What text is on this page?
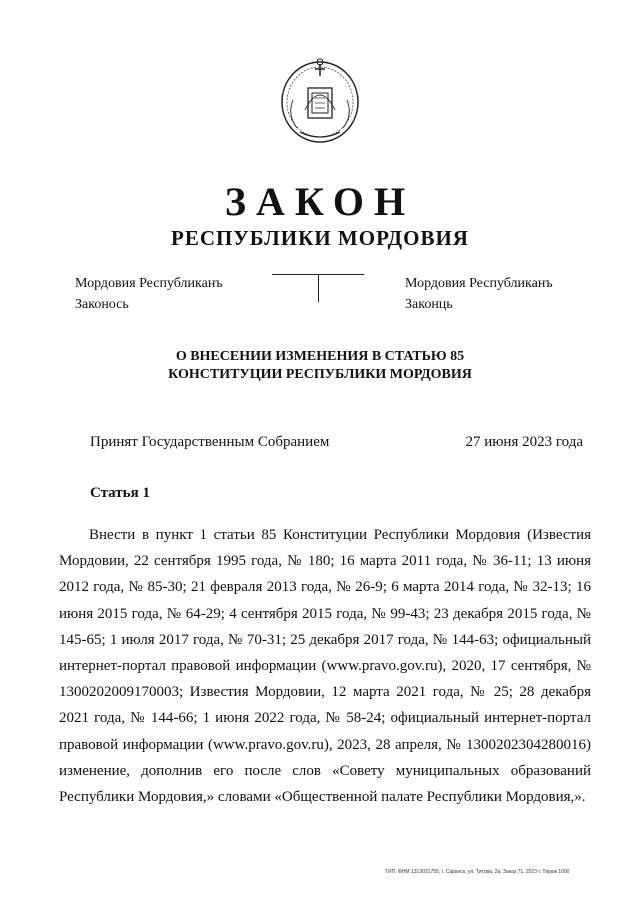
ЗАКОН
РЕСПУБЛИКИ МОРДОВИЯ
Мордовия Республиканъ
Законось
Мордовия Республиканъ
Законць
О ВНЕСЕНИИ ИЗМЕНЕНИЯ В СТАТЬЮ 85
КОНСТИТУЦИИ РЕСПУБЛИКИ МОРДОВИЯ
Принят Государственным Собранием	27 июня 2023 года
Статья 1
Внести в пункт 1 статьи 85 Конституции Республики Мордовия (Известия Мордовии, 22 сентября 1995 года, № 180; 16 марта 2011 года, № 36-11; 13 июня 2012 года, № 85-30; 21 февраля 2013 года, № 26-9; 6 марта 2014 года, № 32-13; 16 июня 2015 года, № 64-29; 4 сентября 2015 года, № 99-43; 23 декабря 2015 года, № 145-65; 1 июля 2017 года, № 70-31; 25 декабря 2017 года, № 144-63; официальный интернет-портал правовой информации (www.pravo.gov.ru), 2020, 17 сентября, № 1300202009170003; Известия Мордовии, 12 марта 2021 года, № 25; 28 декабря 2021 года, № 144-66; 1 июня 2022 года, № 58-24; официальный интернет-портал правовой информации (www.pravo.gov.ru), 2023, 28 апреля, № 1300202304280016) изменение, дополнив его после слов «Совету муниципальных образований Республики Мордовия,» словами «Общественной палате Республики Мордовия,».
ТИП. ФНМ 1313031755, г. Саранск, ул. Титова, 2а. Заказ 71. 2023 г. Тираж 1000
